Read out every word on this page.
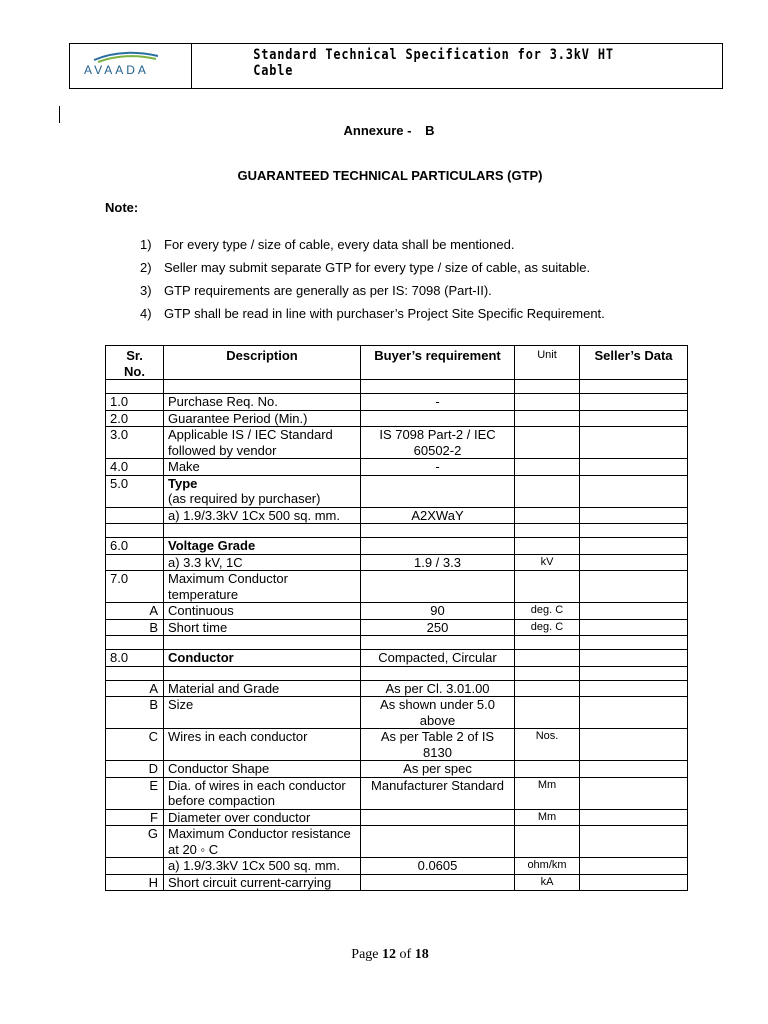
AVAADA
Standard Technical Specification for 3.3kV HT Cable
Annexure - B
GUARANTEED TECHNICAL PARTICULARS (GTP)
Note:
1) For every type / size of cable, every data shall be mentioned.
2) Seller may submit separate GTP for every type / size of cable, as suitable.
3) GTP requirements are generally as per IS: 7098 (Part-II).
4) GTP shall be read in line with purchaser’s Project Site Specific Requirement.
Sr. No.	Description	Buyer’s requirement	Unit	Seller’s Data

1.0	Purchase Req. No.	-		
2.0	Guarantee Period (Min.)			

3.0	Applicable IS / IEC Standard followed by vendor	IS 7098 Part-2 / IEC 60502-2		
4.0	Make	-		
5.0	Type
(as required by purchaser)			

	a) 1.9/3.3kV 1Cx 500 sq. mm.	A2XWaY		

6.0	Voltage Grade			

	a) 3.3 kV, 1C	1.9 / 3.3	kV	
7.0	Maximum Conductor temperature			

A	Continuous	90	deg. C	
B	Short time	250	deg. C	

8.0	Conductor	Compacted, Circular		

A	Material and Grade	As per Cl. 3.01.00		
B	Size	As shown under 5.0 above		
C	Wires in each conductor	As per Table 2 of IS 8130	Nos.	
D	Conductor Shape	As per spec		
E	Dia. of wires in each conductor before compaction	Manufacturer Standard	Mm	
F	Diameter over conductor		Mm	
G	Maximum Conductor resistance at 20 ◦ C			

	a) 1.9/3.3kV 1Cx 500 sq. mm.	0.0605	ohm/km	
H	Short circuit current-carrying		kA	
Page 12 of 18
